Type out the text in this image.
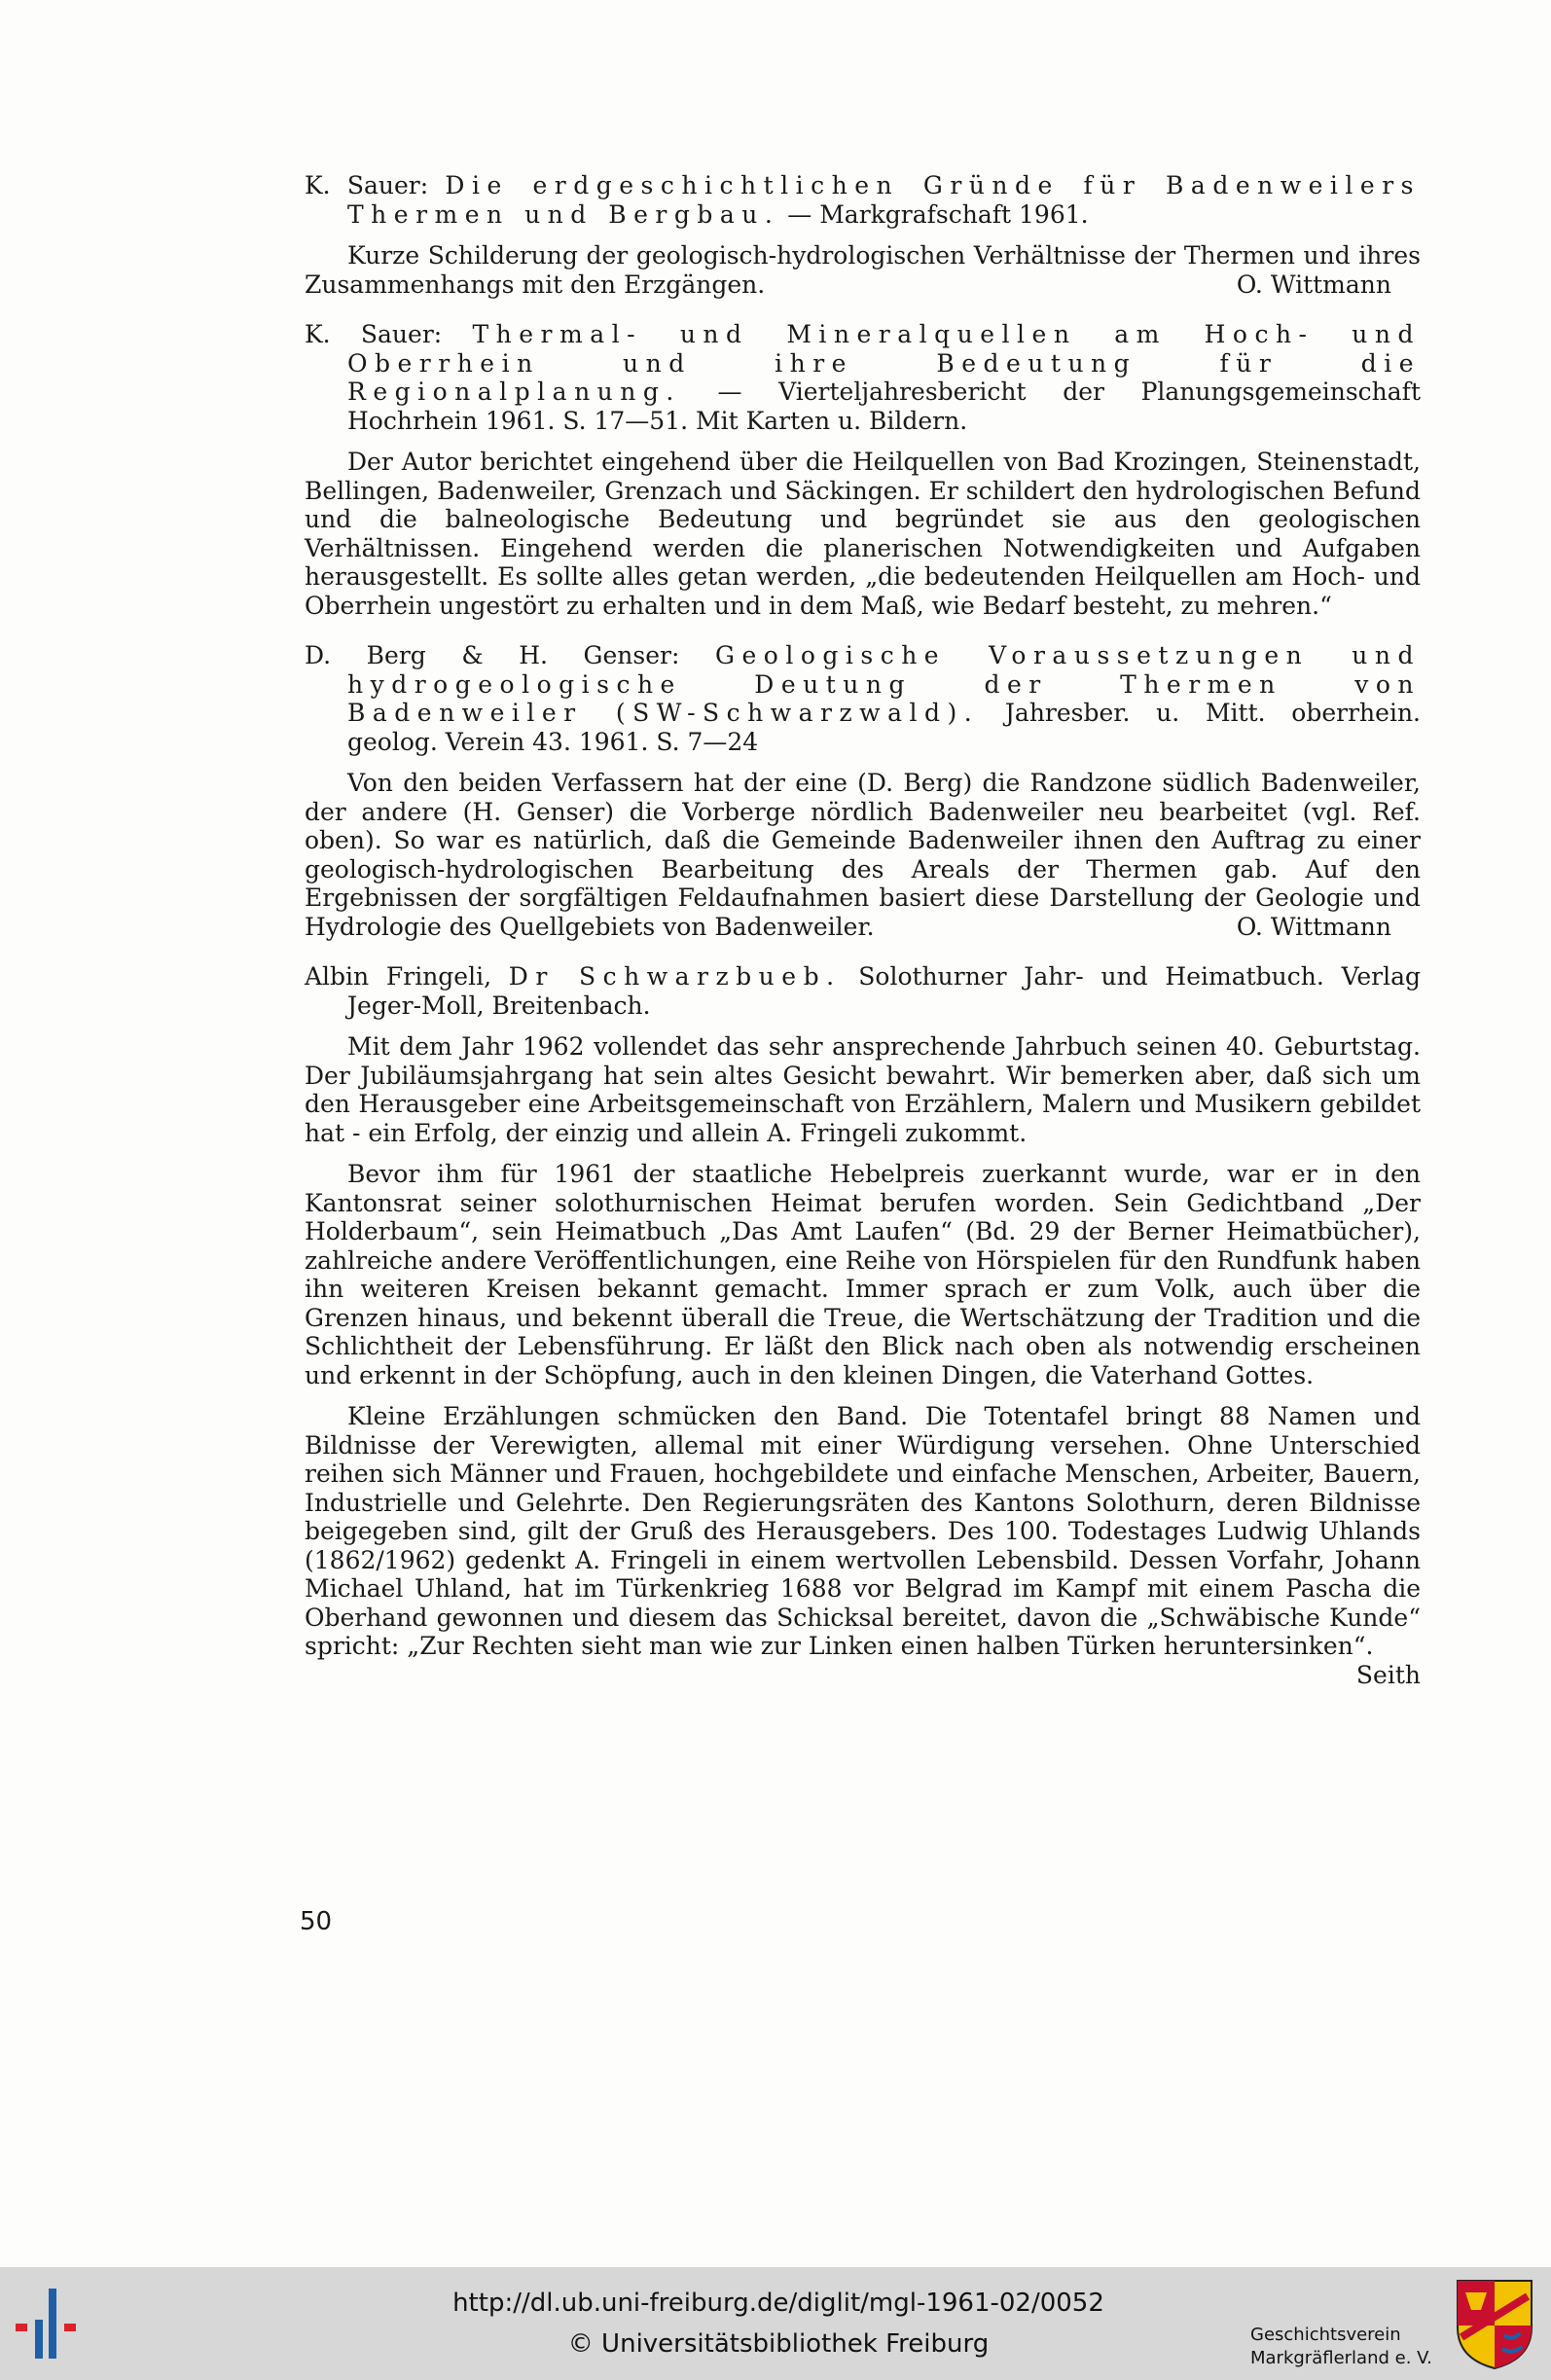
K. Sauer: Die erdgeschichtlichen Gründe für Badenweilers Thermen und Bergbau. — Markgrafschaft 1961.

Kurze Schilderung der geologisch-hydrologischen Verhältnisse der Thermen und ihres Zusammenhangs mit den Erzgängen.	O. Wittmann

K. Sauer: Thermal- und Mineralquellen am Hoch- und Oberrhein und ihre Bedeutung für die Regionalplanung. — Vierteljahresbericht der Planungsgemeinschaft Hochrhein 1961. S. 17—51. Mit Karten u. Bildern.

Der Autor berichtet eingehend über die Heilquellen von Bad Krozingen, Steinenstadt, Bellingen, Badenweiler, Grenzach und Säckingen. Er schildert den hydrologischen Befund und die balneologische Bedeutung und begründet sie aus den geologischen Verhältnissen. Eingehend werden die planerischen Notwendigkeiten und Aufgaben herausgestellt. Es sollte alles getan werden, „die bedeutenden Heilquellen am Hoch- und Oberrhein ungestört zu erhalten und in dem Maß, wie Bedarf besteht, zu mehren.“

D. Berg & H. Genser: Geologische Voraussetzungen und hydrogeologische Deutung der Thermen von Badenweiler (SW-Schwarzwald). Jahresber. u. Mitt. oberrhein. geolog. Verein 43. 1961. S. 7—24

Von den beiden Verfassern hat der eine (D. Berg) die Randzone südlich Badenweiler, der andere (H. Genser) die Vorberge nördlich Badenweiler neu bearbeitet (vgl. Ref. oben). So war es natürlich, daß die Gemeinde Badenweiler ihnen den Auftrag zu einer geologisch-hydrologischen Bearbeitung des Areals der Thermen gab. Auf den Ergebnissen der sorgfältigen Feldaufnahmen basiert diese Darstellung der Geologie und Hydrologie des Quellgebiets von Badenweiler.	O. Wittmann

Albin Fringeli, Dr Schwarzbueb. Solothurner Jahr- und Heimatbuch. Verlag Jeger-Moll, Breitenbach.

Mit dem Jahr 1962 vollendet das sehr ansprechende Jahrbuch seinen 40. Geburtstag. Der Jubiläumsjahrgang hat sein altes Gesicht bewahrt. Wir bemerken aber, daß sich um den Herausgeber eine Arbeitsgemeinschaft von Erzählern, Malern und Musikern gebildet hat - ein Erfolg, der einzig und allein A. Fringeli zukommt.

Bevor ihm für 1961 der staatliche Hebelpreis zuerkannt wurde, war er in den Kantonsrat seiner solothurnischen Heimat berufen worden. Sein Gedichtband „Der Holderbaum“, sein Heimatbuch „Das Amt Laufen“ (Bd. 29 der Berner Heimatbücher), zahlreiche andere Veröffentlichungen, eine Reihe von Hörspielen für den Rundfunk haben ihn weiteren Kreisen bekannt gemacht. Immer sprach er zum Volk, auch über die Grenzen hinaus, und bekennt überall die Treue, die Wertschätzung der Tradition und die Schlichtheit der Lebensführung. Er läßt den Blick nach oben als notwendig erscheinen und erkennt in der Schöpfung, auch in den kleinen Dingen, die Vaterhand Gottes.

Kleine Erzählungen schmücken den Band. Die Totentafel bringt 88 Namen und Bildnisse der Verewigten, allemal mit einer Würdigung versehen. Ohne Unterschied reihen sich Männer und Frauen, hochgebildete und einfache Menschen, Arbeiter, Bauern, Industrielle und Gelehrte. Den Regierungsräten des Kantons Solothurn, deren Bildnisse beigegeben sind, gilt der Gruß des Herausgebers. Des 100. Todestages Ludwig Uhlands (1862/1962) gedenkt A. Fringeli in einem wertvollen Lebensbild. Dessen Vorfahr, Johann Michael Uhland, hat im Türkenkrieg 1688 vor Belgrad im Kampf mit einem Pascha die Oberhand gewonnen und diesem das Schicksal bereitet, davon die „Schwäbische Kunde“ spricht: „Zur Rechten sieht man wie zur Linken einen halben Türken heruntersinken“.
Seith

50
http://dl.ub.uni-freiburg.de/diglit/mgl-1961-02/0052
© Universitätsbibliothek Freiburg	Geschichtsverein
Markgräflerland e. V.
